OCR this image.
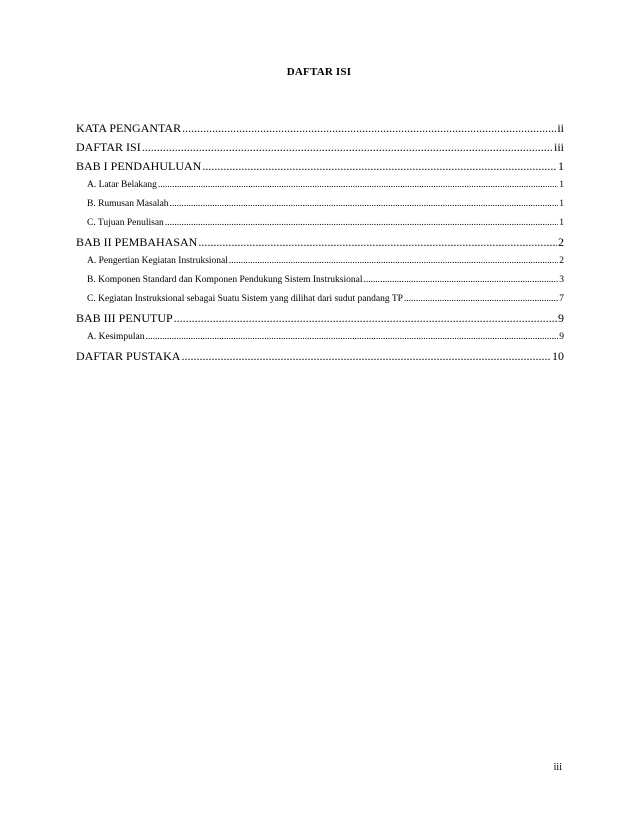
DAFTAR ISI
KATA PENGANTAR .....	ii
DAFTAR ISI .....	iii
BAB I PENDAHULUAN .....	1
A. Latar Belakang .....	1
B. Rumusan Masalah .....	1
C. Tujuan Penulisan .....	1
BAB II PEMBAHASAN .....	2
A. Pengertian Kegiatan Instruksional .....	2
B. Komponen Standard dan Komponen Pendukung Sistem Instruksional .....	3
C. Kegiatan Instruksional sebagai Suatu Sistem yang dilihat dari sudut pandang TP .....	7
BAB III PENUTUP .....	9
A. Kesimpulan .....	9
DAFTAR PUSTAKA .....	10
iii
